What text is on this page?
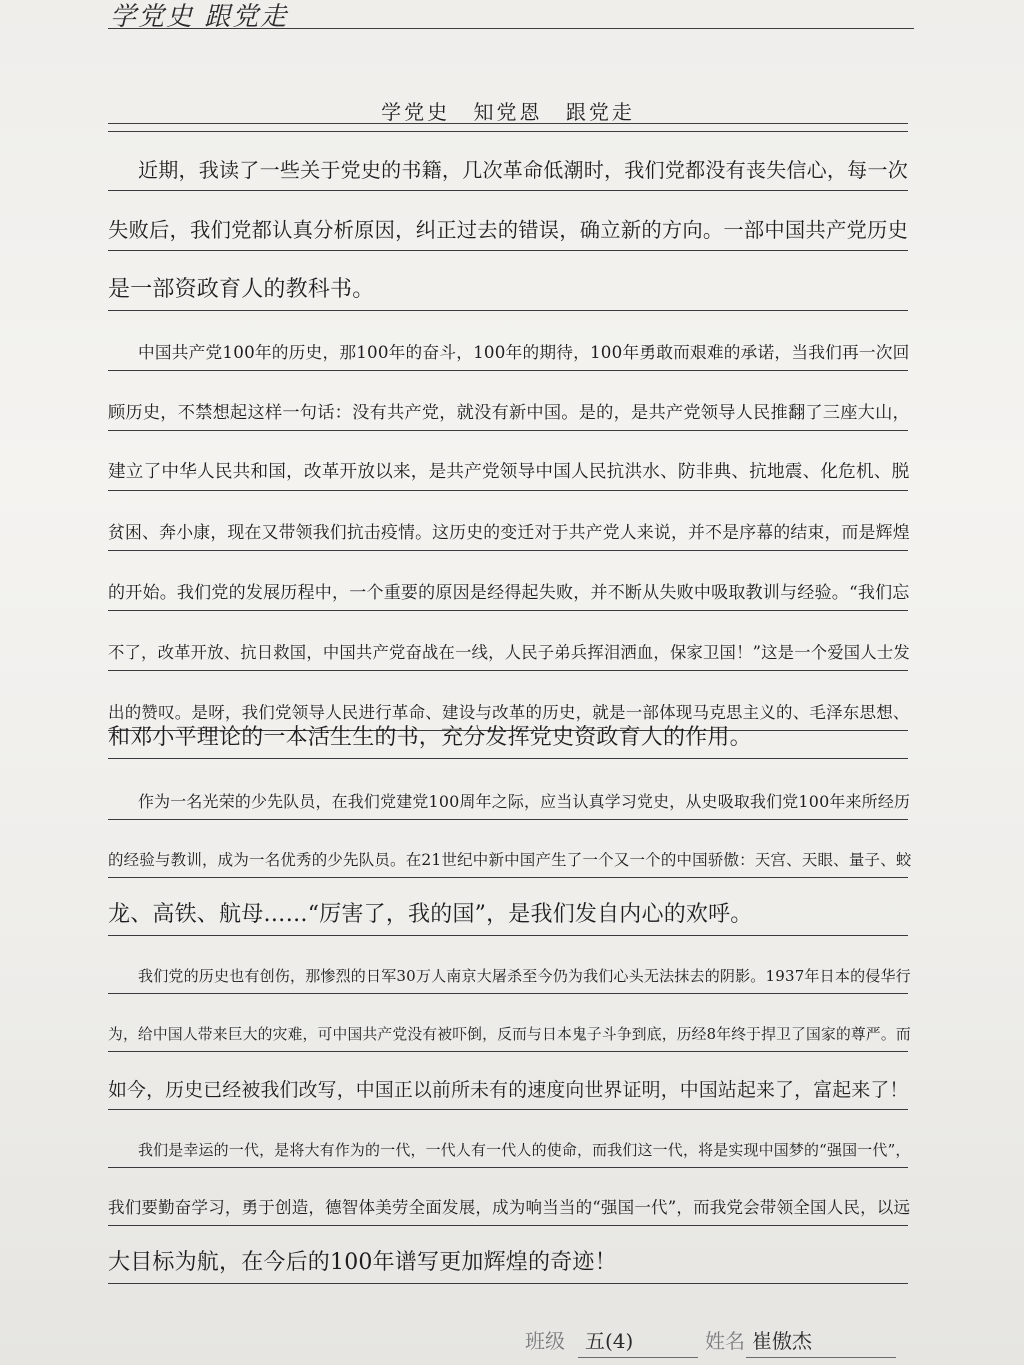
学党史 跟党走
学党史 知党恩 跟党走
近期，我读了一些关于党史的书籍，几次革命低潮时，我们党都没有丧失信心，每一次
失败后，我们党都认真分析原因，纠正过去的错误，确立新的方向。一部中国共产党历史
是一部资政育人的教科书。
中国共产党100年的历史，那100年的奋斗，100年的期待，100年勇敢而艰难的承诺，当我们再一次回
顾历史，不禁想起这样一句话：没有共产党，就没有新中国。是的，是共产党领导人民推翻了三座大山，
建立了中华人民共和国，改革开放以来，是共产党领导中国人民抗洪水、防非典、抗地震、化危机、脱
贫困、奔小康，现在又带领我们抗击疫情。这历史的变迁对于共产党人来说，并不是序幕的结束，而是辉煌
的开始。我们党的发展历程中，一个重要的原因是经得起失败，并不断从失败中吸取教训与经验。“我们忘
不了，改革开放、抗日救国，中国共产党奋战在一线，人民子弟兵挥泪洒血，保家卫国！”这是一个爱国人士发
出的赞叹。是呀，我们党领导人民进行革命、建设与改革的历史，就是一部体现马克思主义的、毛泽东思想、
和邓小平理论的一本活生生的书，充分发挥党史资政育人的作用。
作为一名光荣的少先队员，在我们党建党100周年之际，应当认真学习党史，从史吸取我们党100年来所经历
的经验与教训，成为一名优秀的少先队员。在21世纪中新中国产生了一个又一个的中国骄傲：天宫、天眼、量子、蛟
龙、高铁、航母……“厉害了，我的国”，是我们发自内心的欢呼。
我们党的历史也有创伤，那惨烈的日军30万人南京大屠杀至今仍为我们心头无法抹去的阴影。1937年日本的侵华行
为，给中国人带来巨大的灾难，可中国共产党没有被吓倒，反而与日本鬼子斗争到底，历经8年终于捍卫了国家的尊严。而
如今，历史已经被我们改写，中国正以前所未有的速度向世界证明，中国站起来了，富起来了！
我们是幸运的一代，是将大有作为的一代，一代人有一代人的使命，而我们这一代，将是实现中国梦的“强国一代”，
我们要勤奋学习，勇于创造，德智体美劳全面发展，成为响当当的“强国一代”，而我党会带领全国人民，以远
大目标为航，在今后的100年谱写更加辉煌的奇迹！
班级 五(4)	姓名 崔傲杰
